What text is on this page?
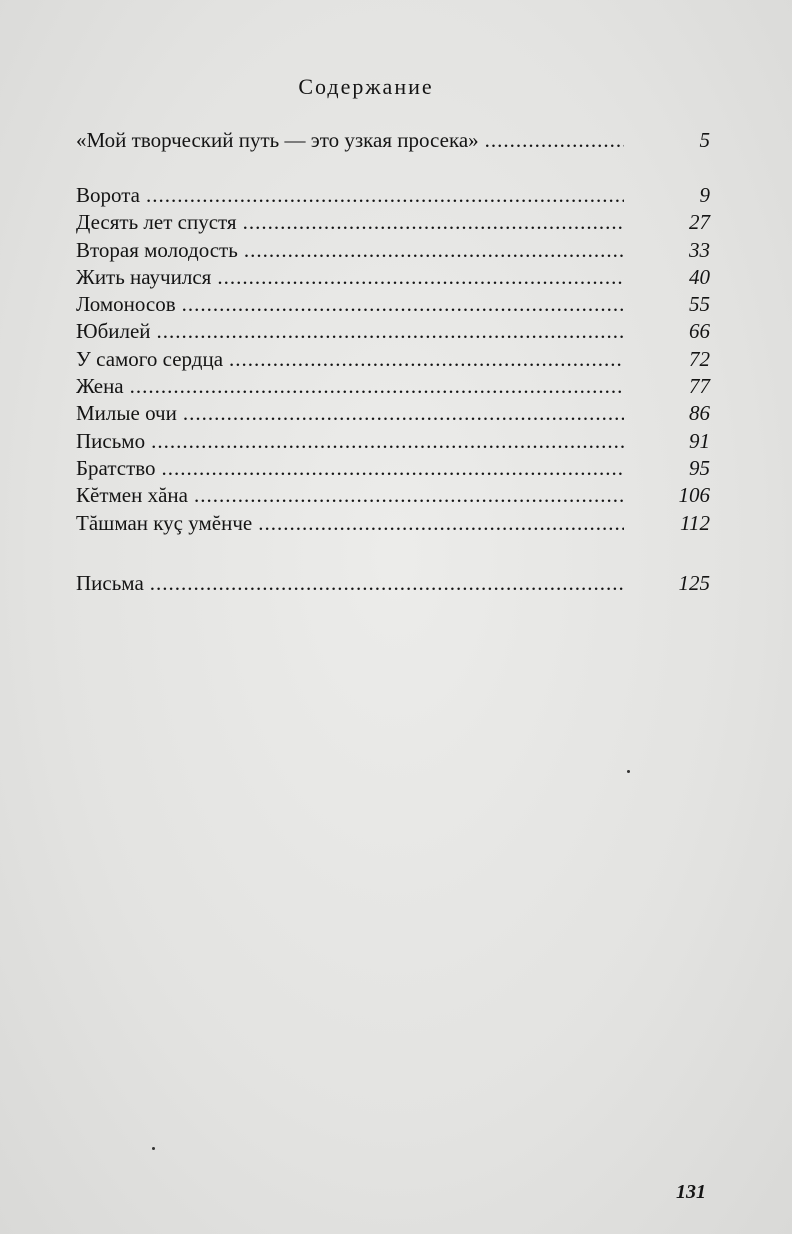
Содержание
«Мой творческий путь — это узкая просека» .....	5
Ворота .....	9
Десять лет спустя .....	27
Вторая молодость .....	33
Жить научился .....	40
Ломоносов .....	55
Юбилей .....	66
У самого сердца .....	72
Жена .....	77
Милые очи .....	86
Письмо .....	91
Братство .....	95
Кĕтмен хăна .....	106
Тăшман куç умĕнче .....	112
Письма .....	125
131
